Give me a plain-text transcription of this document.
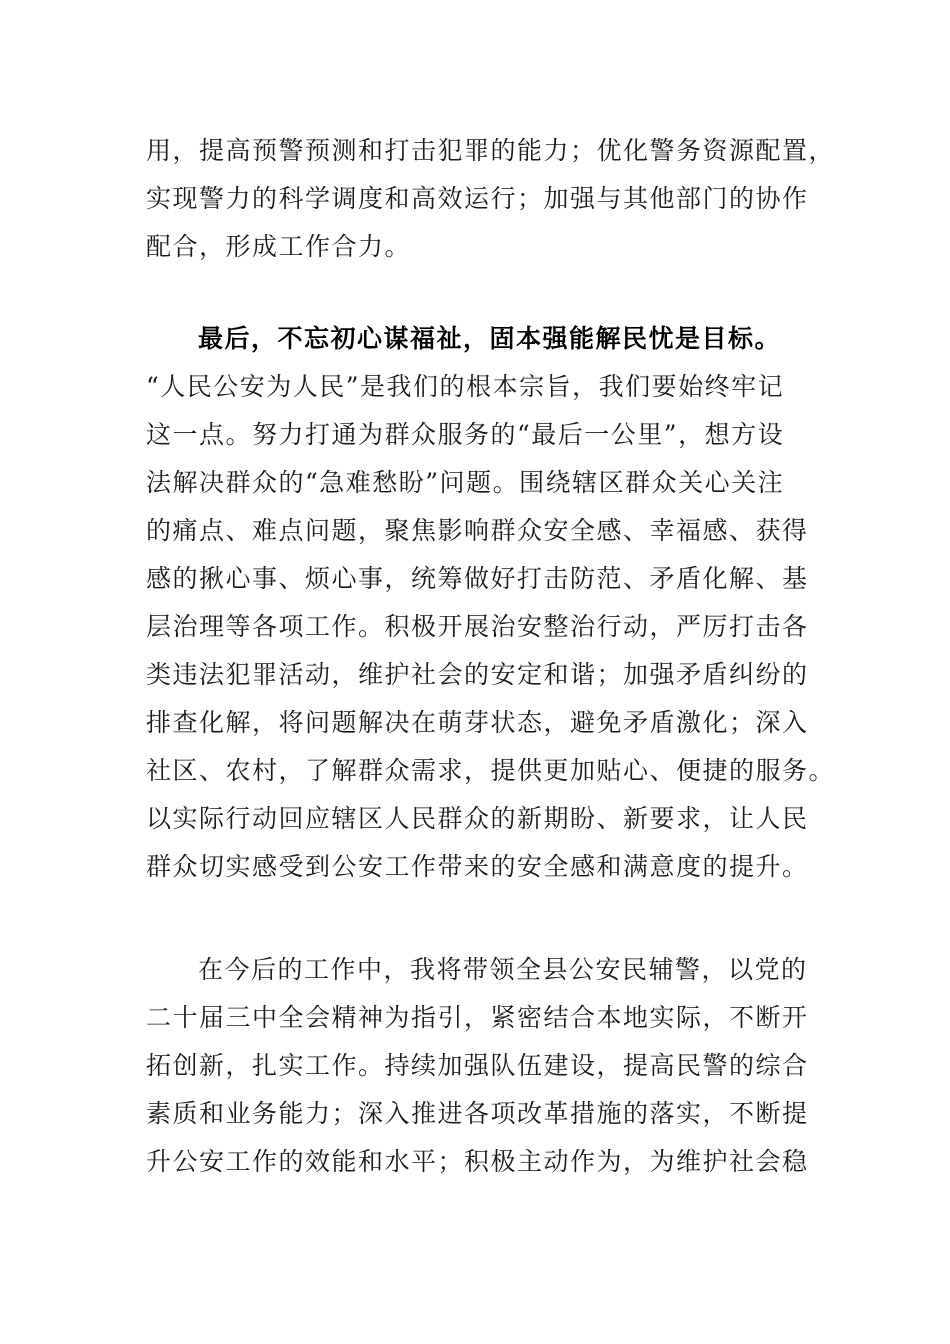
用，提高预警预测和打击犯罪的能力；优化警务资源配置，
实现警力的科学调度和高效运行；加强与其他部门的协作
配合，形成工作合力。
最后，不忘初心谋福祉，固本强能解民忧是目标。
“人民公安为人民”是我们的根本宗旨，我们要始终牢记
这一点。努力打通为群众服务的“最后一公里”，想方设
法解决群众的“急难愁盼”问题。围绕辖区群众关心关注
的痛点、难点问题，聚焦影响群众安全感、幸福感、获得
感的揪心事、烦心事，统筹做好打击防范、矛盾化解、基
层治理等各项工作。积极开展治安整治行动，严厉打击各
类违法犯罪活动，维护社会的安定和谐；加强矛盾纠纷的
排查化解，将问题解决在萌芽状态，避免矛盾激化；深入
社区、农村，了解群众需求，提供更加贴心、便捷的服务。
以实际行动回应辖区人民群众的新期盼、新要求，让人民
群众切实感受到公安工作带来的安全感和满意度的提升。
在今后的工作中，我将带领全县公安民辅警，以党的
二十届三中全会精神为指引，紧密结合本地实际，不断开
拓创新，扎实工作。持续加强队伍建设，提高民警的综合
素质和业务能力；深入推进各项改革措施的落实，不断提
升公安工作的效能和水平；积极主动作为，为维护社会稳
